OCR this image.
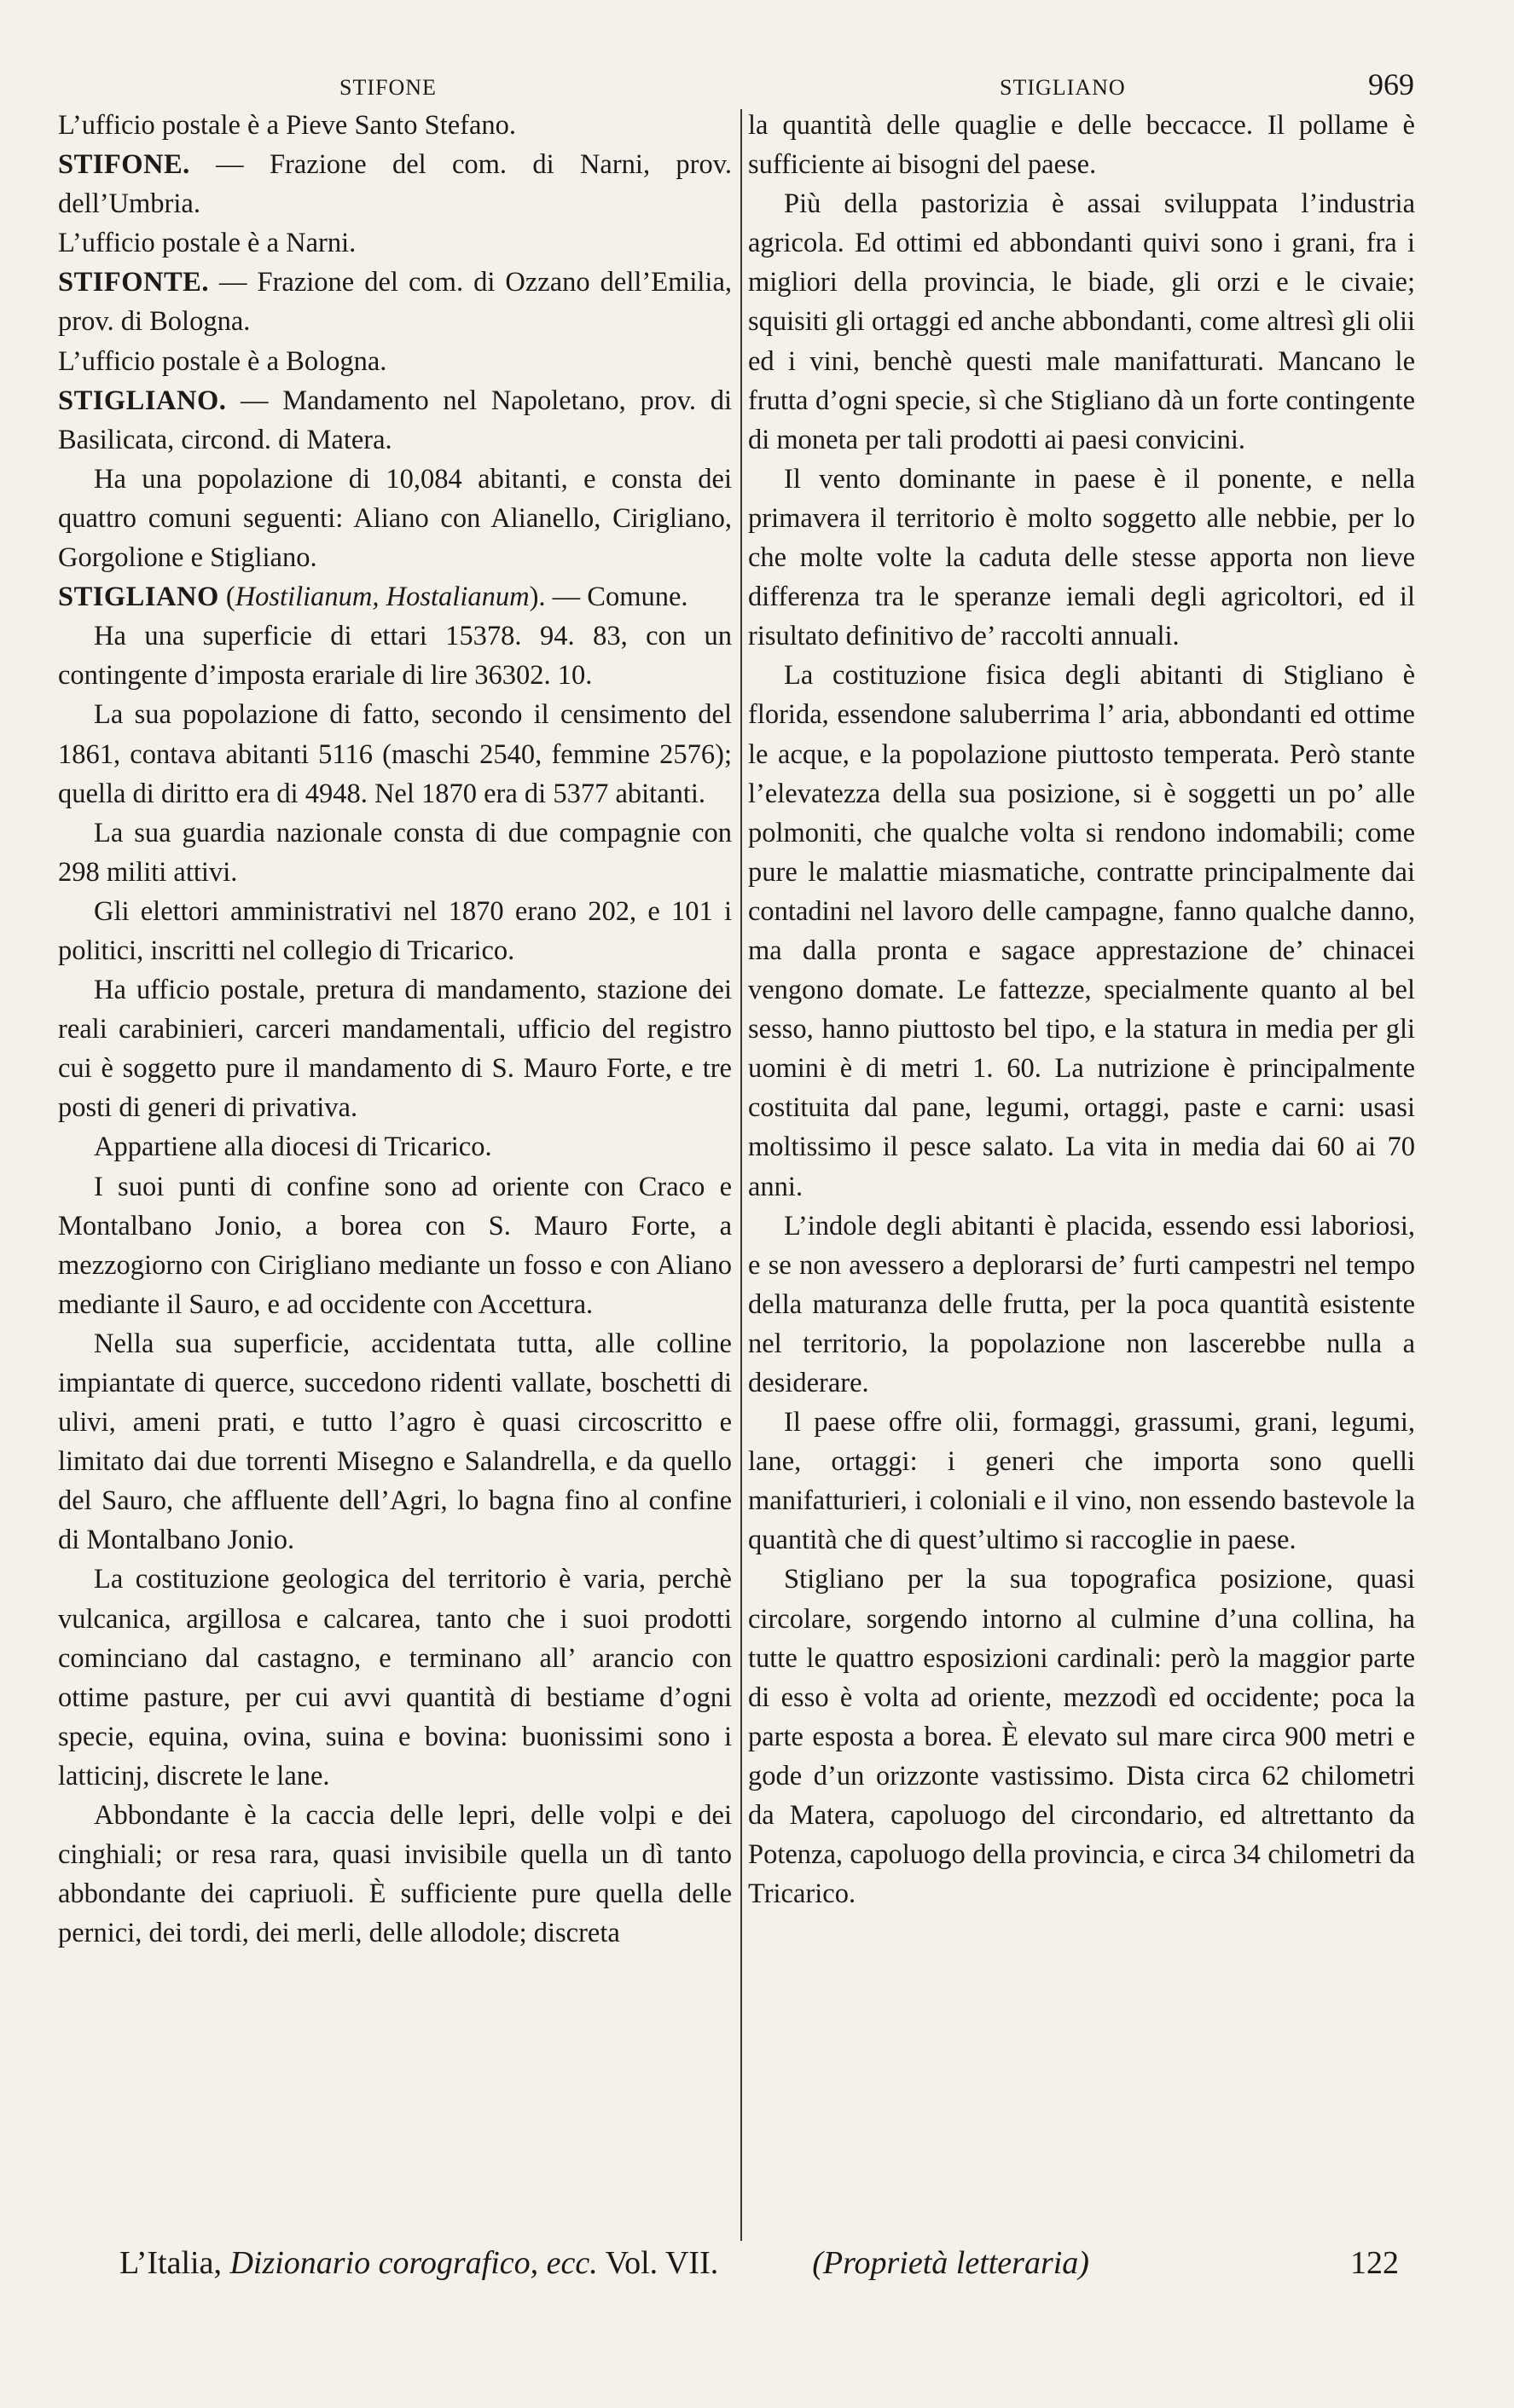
STIFONE	STIGLIANO	969

L’ufficio postale è a Pieve Santo Stefano.

STIFONE. — Frazione del com. di Narni, prov. dell’Umbria.

L’ufficio postale è a Narni.

STIFONTE. — Frazione del com. di Ozzano dell’Emilia, prov. di Bologna.

L’ufficio postale è a Bologna.

STIGLIANO. — Mandamento nel Napoletano, prov. di Basilicata, circond. di Matera.

Ha una popolazione di 10,084 abitanti, e consta dei quattro comuni seguenti: Aliano con Alianello, Cirigliano, Gorgolione e Stigliano.

STIGLIANO (Hostilianum, Hostalianum). — Comune.

Ha una superficie di ettari 15378. 94. 83, con un contingente d’imposta erariale di lire 36302. 10.

La sua popolazione di fatto, secondo il censimento del 1861, contava abitanti 5116 (maschi 2540, femmine 2576); quella di diritto era di 4948. Nel 1870 era di 5377 abitanti.

La sua guardia nazionale consta di due compagnie con 298 militi attivi.

Gli elettori amministrativi nel 1870 erano 202, e 101 i politici, inscritti nel collegio di Tricarico.

Ha ufficio postale, pretura di mandamento, stazione dei reali carabinieri, carceri mandamentali, ufficio del registro cui è soggetto pure il mandamento di S. Mauro Forte, e tre posti di generi di privativa.

Appartiene alla diocesi di Tricarico.

I suoi punti di confine sono ad oriente con Craco e Montalbano Jonio, a borea con S. Mauro Forte, a mezzogiorno con Cirigliano mediante un fosso e con Aliano mediante il Sauro, e ad occidente con Accettura.

Nella sua superficie, accidentata tutta, alle colline impiantate di querce, succedono ridenti vallate, boschetti di ulivi, ameni prati, e tutto l’agro è quasi circoscritto e limitato dai due torrenti Misegno e Salandrella, e da quello del Sauro, che affluente dell’Agri, lo bagna fino al confine di Montalbano Jonio.

La costituzione geologica del territorio è varia, perchè vulcanica, argillosa e calcarea, tanto che i suoi prodotti cominciano dal castagno, e terminano all’ arancio con ottime pasture, per cui avvi quantità di bestiame d’ogni specie, equina, ovina, suina e bovina: buonissimi sono i latticinj, discrete le lane.

Abbondante è la caccia delle lepri, delle volpi e dei cinghiali; or resa rara, quasi invisibile quella un dì tanto abbondante dei capriuoli. È sufficiente pure quella delle pernici, dei tordi, dei merli, delle allodole; discreta

la quantità delle quaglie e delle beccacce. Il pollame è sufficiente ai bisogni del paese.

Più della pastorizia è assai sviluppata l’industria agricola. Ed ottimi ed abbondanti quivi sono i grani, fra i migliori della provincia, le biade, gli orzi e le civaie; squisiti gli ortaggi ed anche abbondanti, come altresì gli olii ed i vini, benchè questi male manifatturati. Mancano le frutta d’ogni specie, sì che Stigliano dà un forte contingente di moneta per tali prodotti ai paesi convicini.

Il vento dominante in paese è il ponente, e nella primavera il territorio è molto soggetto alle nebbie, per lo che molte volte la caduta delle stesse apporta non lieve differenza tra le speranze iemali degli agricoltori, ed il risultato definitivo de’ raccolti annuali.

La costituzione fisica degli abitanti di Stigliano è florida, essendone saluberrima l’ aria, abbondanti ed ottime le acque, e la popolazione piuttosto temperata. Però stante l’elevatezza della sua posizione, si è soggetti un po’ alle polmoniti, che qualche volta si rendono indomabili; come pure le malattie miasmatiche, contratte principalmente dai contadini nel lavoro delle campagne, fanno qualche danno, ma dalla pronta e sagace apprestazione de’ chinacei vengono domate. Le fattezze, specialmente quanto al bel sesso, hanno piuttosto bel tipo, e la statura in media per gli uomini è di metri 1. 60. La nutrizione è principalmente costituita dal pane, legumi, ortaggi, paste e carni: usasi moltissimo il pesce salato. La vita in media dai 60 ai 70 anni.

L’indole degli abitanti è placida, essendo essi laboriosi, e se non avessero a deplorarsi de’ furti campestri nel tempo della maturanza delle frutta, per la poca quantità esistente nel territorio, la popolazione non lascerebbe nulla a desiderare.

Il paese offre olii, formaggi, grassumi, grani, legumi, lane, ortaggi: i generi che importa sono quelli manifatturieri, i coloniali e il vino, non essendo bastevole la quantità che di quest’ultimo si raccoglie in paese.

Stigliano per la sua topografica posizione, quasi circolare, sorgendo intorno al culmine d’una collina, ha tutte le quattro esposizioni cardinali: però la maggior parte di esso è volta ad oriente, mezzodì ed occidente; poca la parte esposta a borea. È elevato sul mare circa 900 metri e gode d’un orizzonte vastissimo. Dista circa 62 chilometri da Matera, capoluogo del circondario, ed altrettanto da Potenza, capoluogo della provincia, e circa 34 chilometri da Tricarico.

L’Italia, Dizionario corografico, ecc. Vol. VII.	(Proprietà letteraria)	122
